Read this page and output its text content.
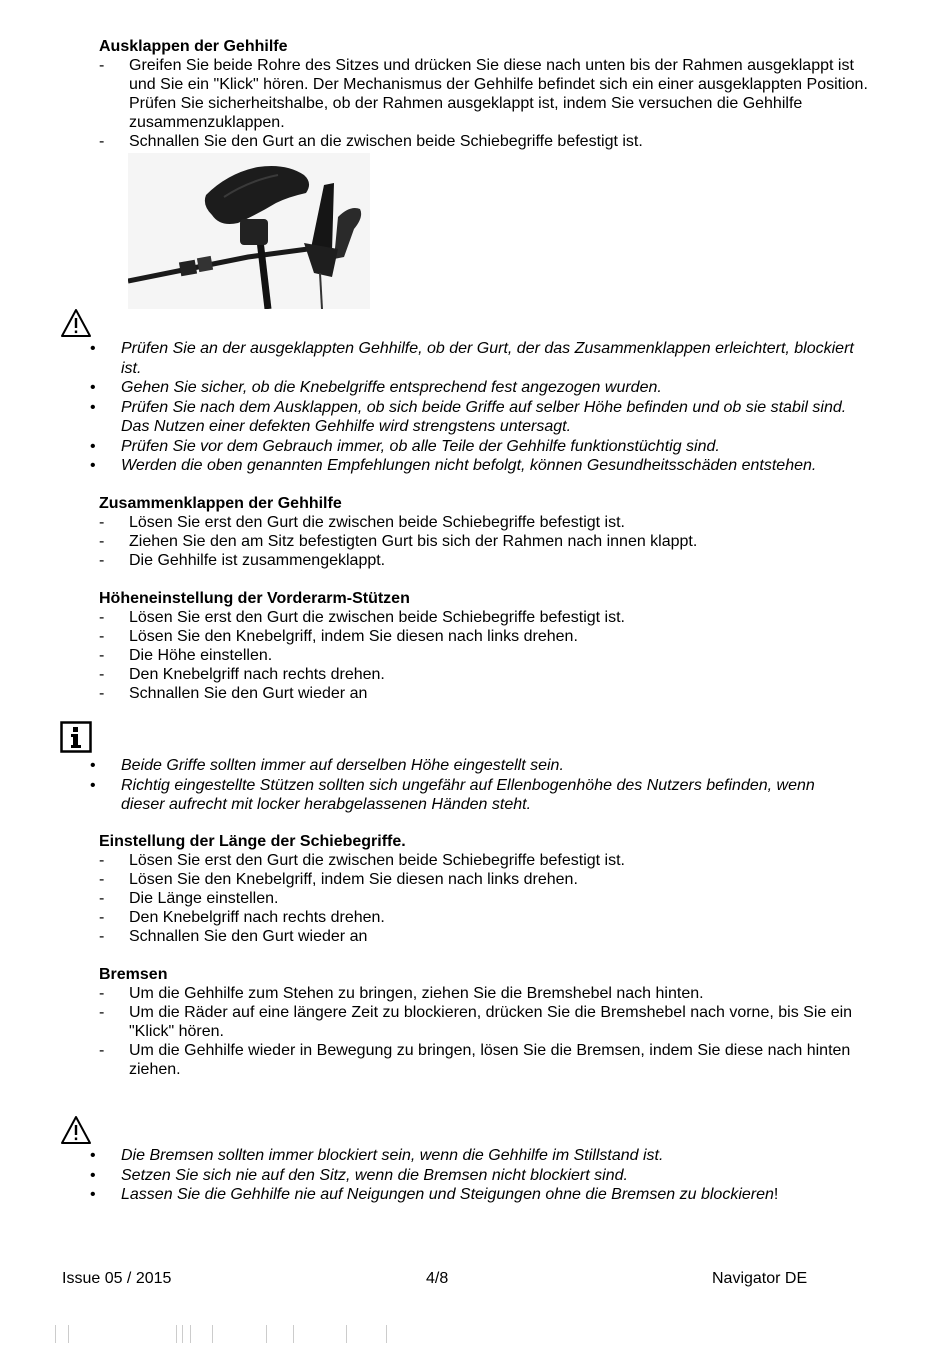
Ausklappen der Gehhilfe
- Greifen Sie beide Rohre des Sitzes und drücken Sie diese nach unten bis der Rahmen ausgeklappt ist und Sie ein "Klick" hören. Der Mechanismus der Gehhilfe befindet sich ein einer ausgeklappten Position. Prüfen Sie sicherheitshalbe, ob der Rahmen ausgeklappt ist, indem Sie versuchen die Gehhilfe zusammenzuklappen.
- Schnallen Sie den Gurt an die zwischen beide Schiebegriffe befestigt ist.
• Prüfen Sie an der ausgeklappten Gehhilfe, ob der Gurt, der das Zusammenklappen erleichtert, blockiert ist.
• Gehen Sie sicher, ob die Knebelgriffe entsprechend fest angezogen wurden.
• Prüfen Sie nach dem Ausklappen, ob sich beide Griffe auf selber Höhe befinden und ob sie stabil sind. Das Nutzen einer defekten Gehhilfe wird strengstens untersagt.
• Prüfen Sie vor dem Gebrauch immer, ob alle Teile der Gehhilfe funktionstüchtig sind.
• Werden die oben genannten Empfehlungen nicht befolgt, können Gesundheitsschäden entstehen.
Zusammenklappen der Gehhilfe
- Lösen Sie erst den Gurt die zwischen beide Schiebegriffe befestigt ist.
- Ziehen Sie den am Sitz befestigten Gurt bis sich der Rahmen nach innen klappt.
- Die Gehhilfe ist zusammengeklappt.
Höheneinstellung der Vorderarm-Stützen
- Lösen Sie erst den Gurt die zwischen beide Schiebegriffe befestigt ist.
- Lösen Sie den Knebelgriff, indem Sie diesen nach links drehen.
- Die Höhe einstellen.
- Den Knebelgriff nach rechts drehen.
- Schnallen Sie den Gurt wieder an
• Beide Griffe sollten immer auf derselben Höhe eingestellt sein.
• Richtig eingestellte Stützen sollten sich ungefähr auf Ellenbogenhöhe des Nutzers befinden, wenn dieser aufrecht mit locker herabgelassenen Händen steht.
Einstellung der Länge der Schiebegriffe.
- Lösen Sie erst den Gurt die zwischen beide Schiebegriffe befestigt ist.
- Lösen Sie den Knebelgriff, indem Sie diesen nach links drehen.
- Die Länge einstellen.
- Den Knebelgriff nach rechts drehen.
- Schnallen Sie den Gurt wieder an
Bremsen
- Um die Gehhilfe zum Stehen zu bringen, ziehen Sie die Bremshebel nach hinten.
- Um die Räder auf eine längere Zeit zu blockieren, drücken Sie die Bremshebel nach vorne, bis Sie ein "Klick" hören.
- Um die Gehhilfe wieder in Bewegung zu bringen, lösen Sie die Bremsen, indem Sie diese nach hinten ziehen.
• Die Bremsen sollten immer blockiert sein, wenn die Gehhilfe im Stillstand ist.
• Setzen Sie sich nie auf den Sitz, wenn die Bremsen nicht blockiert sind.
• Lassen Sie die Gehhilfe nie auf Neigungen und Steigungen ohne die Bremsen zu blockieren!
Issue 05 / 2015	4/8	Navigator DE
